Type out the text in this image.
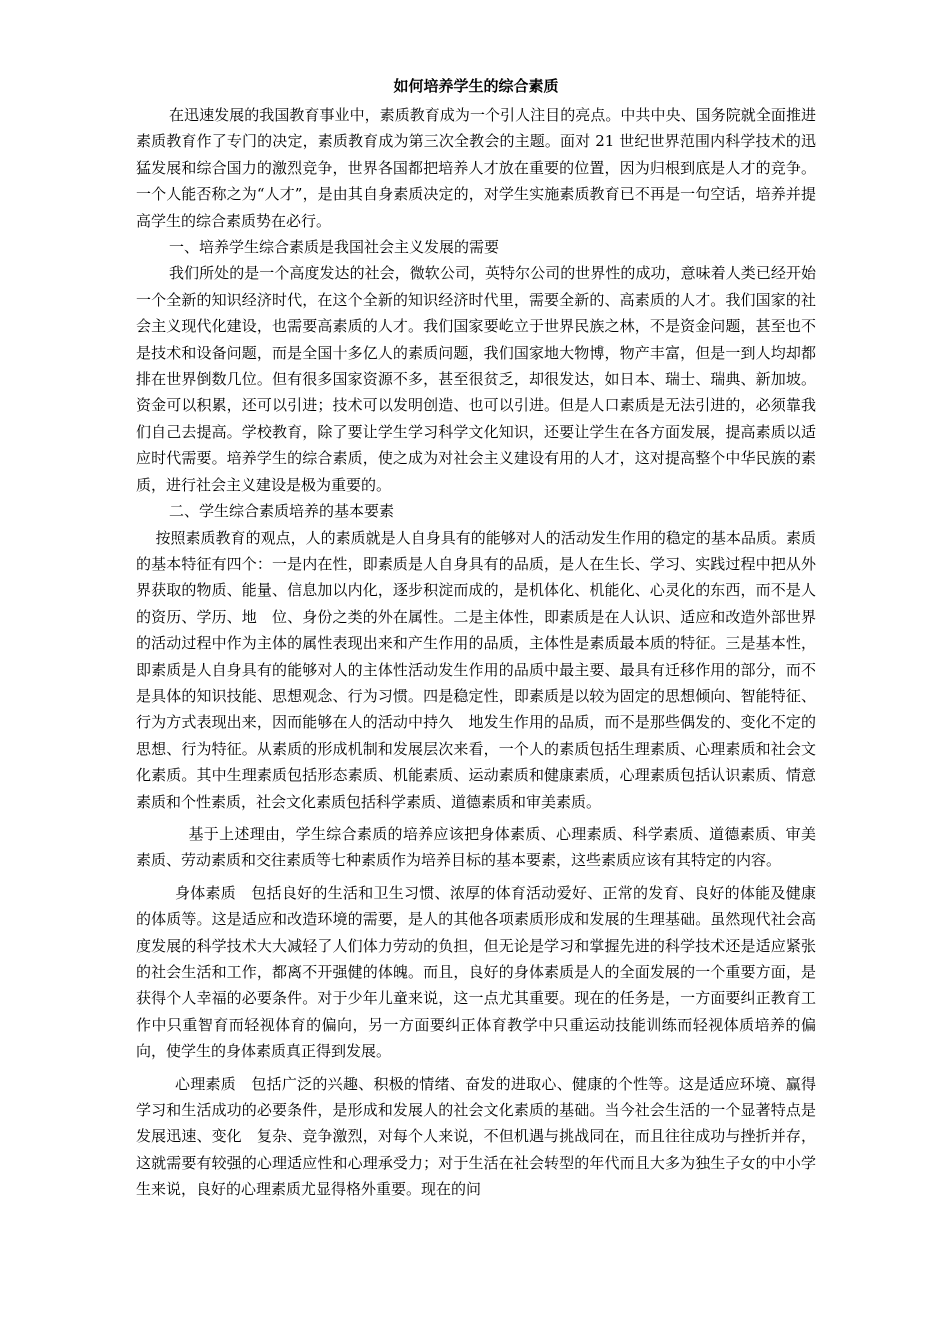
如何培养学生的综合素质

在迅速发展的我国教育事业中，素质教育成为一个引人注目的亮点。中共中央、国务院就全面推进素质教育作了专门的决定，素质教育成为第三次全教会的主题。面对 21 世纪世界范围内科学技术的迅猛发展和综合国力的激烈竞争，世界各国都把培养人才放在重要的位置，因为归根到底是人才的竞争。一个人能否称之为“人才”，是由其自身素质决定的，对学生实施素质教育已不再是一句空话，培养并提高学生的综合素质势在必行。

一、培养学生综合素质是我国社会主义发展的需要

我们所处的是一个高度发达的社会，微软公司，英特尔公司的世界性的成功，意味着人类已经开始一个全新的知识经济时代，在这个全新的知识经济时代里，需要全新的、高素质的人才。我们国家的社会主义现代化建设，也需要高素质的人才。我们国家要屹立于世界民族之林，不是资金问题，甚至也不是技术和设备问题，而是全国十多亿人的素质问题，我们国家地大物博，物产丰富，但是一到人均却都排在世界倒数几位。但有很多国家资源不多，甚至很贫乏，却很发达，如日本、瑞士、瑞典、新加坡。资金可以积累，还可以引进；技术可以发明创造、也可以引进。但是人口素质是无法引进的，必须靠我们自己去提高。学校教育，除了要让学生学习科学文化知识，还要让学生在各方面发展，提高素质以适应时代需要。培养学生的综合素质，使之成为对社会主义建设有用的人才，这对提高整个中华民族的素质，进行社会主义建设是极为重要的。

二、学生综合素质培养的基本要素

按照素质教育的观点，人的素质就是人自身具有的能够对人的活动发生作用的稳定的基本品质。素质的基本特征有四个：一是内在性，即素质是人自身具有的品质，是人在生长、学习、实践过程中把从外界获取的物质、能量、信息加以内化，逐步积淀而成的，是机体化、机能化、心灵化的东西，而不是人的资历、学历、地　位、身份之类的外在属性。二是主体性，即素质是在人认识、适应和改造外部世界的活动过程中作为主体的属性表现出来和产生作用的品质，主体性是素质最本质的特征。三是基本性，即素质是人自身具有的能够对人的主体性活动发生作用的品质中最主要、最具有迁移作用的部分，而不是具体的知识技能、思想观念、行为习惯。四是稳定性，即素质是以较为固定的思想倾向、智能特征、行为方式表现出来，因而能够在人的活动中持久　地发生作用的品质，而不是那些偶发的、变化不定的思想、行为特征。从素质的形成机制和发展层次来看，一个人的素质包括生理素质、心理素质和社会文化素质。其中生理素质包括形态素质、机能素质、运动素质和健康素质，心理素质包括认识素质、情意素质和个性素质，社会文化素质包括科学素质、道德素质和审美素质。

基于上述理由，学生综合素质的培养应该把身体素质、心理素质、科学素质、道德素质、审美素质、劳动素质和交往素质等七种素质作为培养目标的基本要素，这些素质应该有其特定的内容。

身体素质　包括良好的生活和卫生习惯、浓厚的体育活动爱好、正常的发育、良好的体能及健康的体质等。这是适应和改造环境的需要，是人的其他各项素质形成和发展的生理基础。虽然现代社会高度发展的科学技术大大减轻了人们体力劳动的负担，但无论是学习和掌握先进的科学技术还是适应紧张的社会生活和工作，都离不开强健的体魄。而且，良好的身体素质是人的全面发展的一个重要方面，是获得个人幸福的必要条件。对于少年儿童来说，这一点尤其重要。现在的任务是，一方面要纠正教育工作中只重智育而轻视体育的偏向，另一方面要纠正体育教学中只重运动技能训练而轻视体质培养的偏向，使学生的身体素质真正得到发展。

心理素质　包括广泛的兴趣、积极的情绪、奋发的进取心、健康的个性等。这是适应环境、赢得学习和生活成功的必要条件，是形成和发展人的社会文化素质的基础。当今社会生活的一个显著特点是发展迅速、变化　复杂、竞争激烈，对每个人来说，不但机遇与挑战同在，而且往往成功与挫折并存，这就需要有较强的心理适应性和心理承受力；对于生活在社会转型的年代而且大多为独生子女的中小学生来说，良好的心理素质尤显得格外重要。现在的问
